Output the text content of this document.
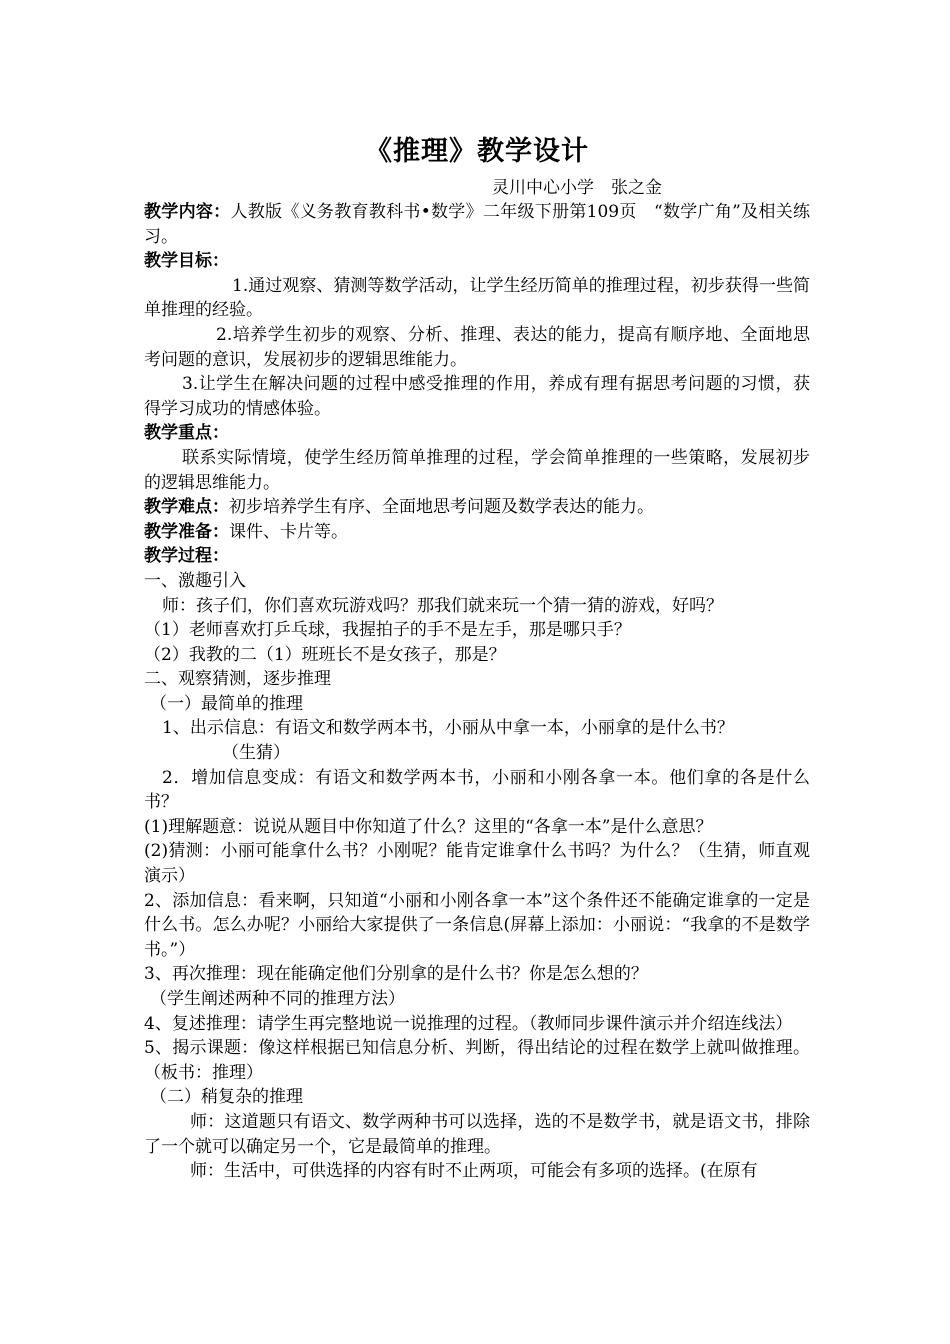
《推理》教学设计

灵川中心小学　张之金

教学内容：人教版《义务教育教科书•数学》二年级下册第109页　“数学广角”及相关练习。

教学目标：

1.通过观察、猜测等数学活动，让学生经历简单的推理过程，初步获得一些简单推理的经验。

2.培养学生初步的观察、分析、推理、表达的能力，提高有顺序地、全面地思考问题的意识，发展初步的逻辑思维能力。

3.让学生在解决问题的过程中感受推理的作用，养成有理有据思考问题的习惯，获得学习成功的情感体验。

教学重点：

联系实际情境，使学生经历简单推理的过程，学会简单推理的一些策略，发展初步的逻辑思维能力。

教学难点：初步培养学生有序、全面地思考问题及数学表达的能力。

教学准备：课件、卡片等。

教学过程：

一、激趣引入

师：孩子们，你们喜欢玩游戏吗？那我们就来玩一个猜一猜的游戏，好吗？

（1）老师喜欢打乒乓球，我握拍子的手不是左手，那是哪只手？

（2）我教的二（1）班班长不是女孩子，那是？

二、观察猜测，逐步推理

（一）最简单的推理

1、出示信息：有语文和数学两本书，小丽从中拿一本，小丽拿的是什么书？

（生猜）

2．增加信息变成：有语文和数学两本书，小丽和小刚各拿一本。他们拿的各是什么书？

(1)理解题意：说说从题目中你知道了什么？这里的“各拿一本”是什么意思？

(2)猜测：小丽可能拿什么书？小刚呢？能肯定谁拿什么书吗？为什么？（生猜，师直观演示）

2、添加信息：看来啊，只知道“小丽和小刚各拿一本”这个条件还不能确定谁拿的一定是什么书。怎么办呢？小丽给大家提供了一条信息(屏幕上添加：小丽说：“我拿的不是数学书。”）

3、再次推理：现在能确定他们分别拿的是什么书？你是怎么想的？

（学生阐述两种不同的推理方法）

4、复述推理：请学生再完整地说一说推理的过程。（教师同步课件演示并介绍连线法）

5、揭示课题：像这样根据已知信息分析、判断，得出结论的过程在数学上就叫做推理。（板书：推理）

（二）稍复杂的推理

师：这道题只有语文、数学两种书可以选择，选的不是数学书，就是语文书，排除了一个就可以确定另一个，它是最简单的推理。

师：生活中，可供选择的内容有时不止两项，可能会有多项的选择。(在原有
